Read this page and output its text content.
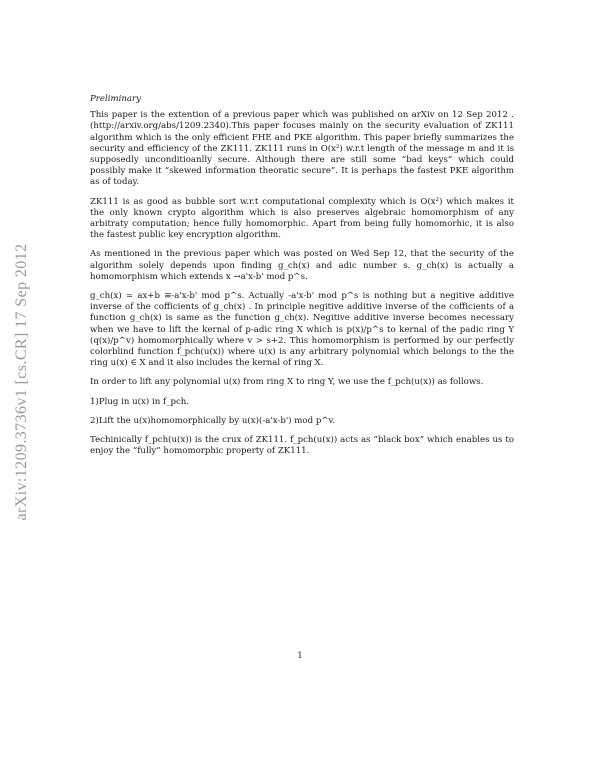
arXiv:1209.3736v1 [cs.CR] 17 Sep 2012
Preliminary

This paper is the extention of a previous paper which was published on arXiv on 12 Sep 2012 .(http://arxiv.org/abs/1209.2340).This paper focuses mainly on the security evaluation of ZK111 algorithm which is the only efficient FHE and PKE algorithm. This paper briefly summarizes the security and efficiency of the ZK111. ZK111 runs in O(x²) w.r.t length of the message m and it is supposedly unconditioanlly secure. Although there are still some “bad keys” which could possibly make it “skewed information theoratic secure”. It is perhaps the fastest PKE algorithm as of today.

ZK111 is as good as bubble sort w.r.t computational complexity which is O(x²) which makes it the only known crypto algorithm which is also preserves algebraic homomorphism of any arbitraty computation; hence fully homomorphic. Apart from being fully homomorhic, it is also the fastest public key encryption algorithm.

As mentioned in the previous paper which was posted on Wed Sep 12, that the security of the algorithm solely depends upon finding g_ch(x) and adic number s. g_ch(x) is actually a homomorphism which extends x →a'x-b' mod p^s.

g_ch(x) = ax+b ≡-a'x-b' mod p^s. Actually -a'x-b' mod p^s is nothing but a negitive additive inverse of the cofficients of g_ch(x) . In principle negitive additive inverse of the cofficients of a function g_ch(x) is same as the function g_ch(x). Negitive additive inverse becomes necessary when we have to lift the kernal of p-adic ring X which is p(x)/p^s to kernal of the padic ring Y (q(x)/p^v) homomorphically where v > s+2. This homomorphism is performed by our perfectly colorblind function f_pch(u(x)) where u(x) is any arbitrary polynomial which belongs to the the ring u(x) ∈ X and it also includes the kernal of ring X.

In order to lift any polynomial u(x) from ring X to ring Y, we use the f_pch(u(x)) as follows.

1)Plug in u(x) in f_pch.

2)Lift the u(x)homomorphically by u(x)(-a'x-b') mod p^v.

Techinically f_pch(u(x)) is the crux of ZK111. f_pch(u(x)) acts as “black box” which enables us to enjoy the “fully” homomorphic property of ZK111.

1
